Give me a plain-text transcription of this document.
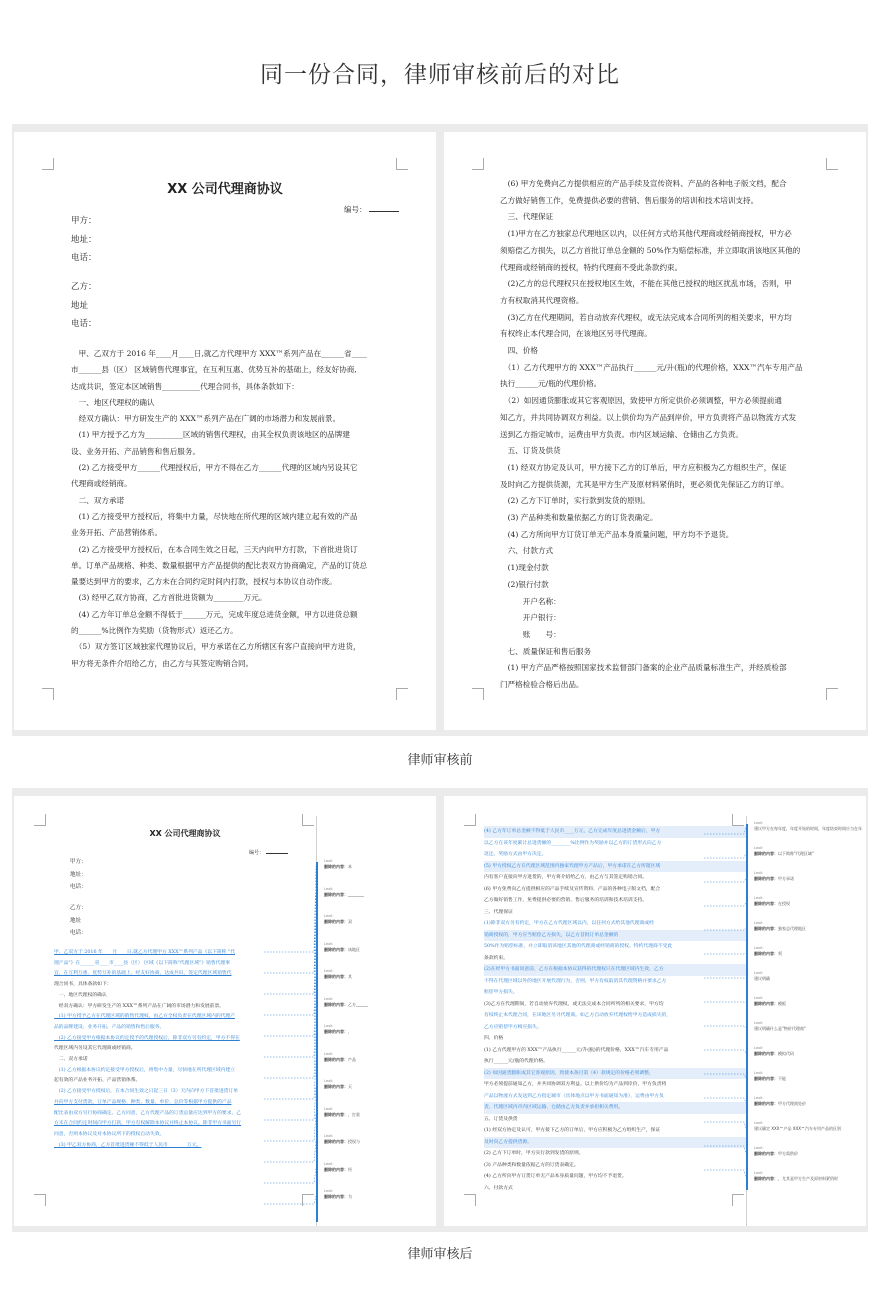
同一份合同，律师审核前后的对比
XX 公司代理商协议
编号：
甲方：
地址：
电话：
乙方：
地址
电话：
　甲、乙双方于 2016 年____月____日,就乙方代理甲方 XXX™系列产品在______省____
市______县（区） 区域销售代理事宜，在互利互惠、优势互补的基础上，经友好协商,
达成共识，签定本区域销售__________代理合同书，具体条款如下：
　一、地区代理权的确认
　经双方确认：甲方研发生产的 XXX™系列产品在广阔的市场潜力和发展前景。
　(1) 甲方授予乙方为__________区域的销售代理权，由其全权负责该地区的品牌建
设、业务开拓、产品销售和售后服务。
　(2) 乙方接受甲方______代理授权后，甲方不得在乙方______代理的区域内另设其它
代理商或经销商。
　二、双方承诺
　(1) 乙方接受甲方授权后，将集中力量，尽快地在所代理的区域内建立起有效的产品
业务开拓、产品营销体系。
　(2) 乙方接受甲方授权后，在本合同生效之日起，三天内向甲方打款，下首批进货订
单。订单产品规格、种类、数量根据甲方产品提供的配比表双方协商确定，产品的订货总
量要达到甲方的要求，乙方未在合同约定时间内打款，授权与本协议自动作废。
　(3) 经甲乙双方协商，乙方首批进货额为________万元。
　(4) 乙方年订单总金额不得低于______万元，完成年度总进货金额，甲方以进货总额
的______%比例作为奖励（货物形式）返还乙方。
　（5）双方签订区域独家代理协议后，甲方承诺在乙方所辖区有客户直接向甲方进货，
甲方将无条件介绍给乙方，由乙方与其签定购销合同。
　(6) 甲方免费向乙方提供相应的产品手续及宣传资料、产品的各种电子版文档，配合
乙方做好销售工作，免费提供必要的营销、售后服务的培训和技术培训支持。
　三、代理保证
　(1)甲方在乙方独家总代理地区以内，以任何方式给其他代理商或经销商授权，甲方必
须赔偿乙方损失，以乙方首批订单总金额的 50%作为赔偿标准，并立即取消该地区其他的
代理商或经销商的授权，特约代理商不受此条款约束。
　(2)乙方的总代理权只在授权地区生效，不能在其他已授权的地区扰乱市场，否则，甲
方有权取消其代理资格。
　(3)乙方在代理期间，若自动放弃代理权，或无法完成本合同所列的相关要求，甲方均
有权终止本代理合同，在该地区另寻代理商。
　四、价格
　（1）乙方代理甲方的 XXX™产品执行______元/升(瓶)的代理价格，XXX™汽车专用产品
执行______元/瓶的代理价格。
　（2）如因通货膨胀或其它客观原因，致使甲方所定供价必须调整，甲方必须提前通
知乙方，并共同协调双方利益。以上供价均为产品到岸价，甲方负责将产品以物流方式发
送到乙方指定城市，运费由甲方负责。市内区域运输、仓储由乙方负责。
　五、订货及供货
　(1) 经双方协定及认可，甲方接下乙方的订单后，甲方应积极为乙方组织生产，保证
及时向乙方提供货源，尤其是甲方生产及原材料紧俏时，更必须优先保证乙方的订单。
　(2) 乙方下订单时，实行款到发货的原则。
　(3) 产品种类和数量依据乙方的订货表确定。
　(4) 乙方所向甲方订货订单无产品本身质量问题，甲方均不予退货。
　六、付款方式
　(1)现金付款
　(2)银行付款
　　　开户名称：
　　　开户银行：
　　　账　　号：
　七、质量保证和售后服务
　(1) 甲方产品严格按照国家技术监督部门备案的企业产品质量标准生产，并经质检部
门严格检验合格后出品。
律师审核前
XX 公司代理商协议
编号：
甲方：
地址：
电话：
乙方：
地址
电话：
甲、乙双方于 2016 年____月____日,就乙方代理甲方 XXX™系列产品《以下简称 "代
理产品"》在______省____市____县（区） 区域《以下简称"代理区域"》销售代理事
宜，在互利互惠、优势互补的基础上，经友好协商，达成共识，签定代理区域销售代
理合同书，具体条款如下：
　一、地区代理权的确认
　经双方确认：甲方研发生产的 XXX™系列产品在广阔的市场潜力和发展前景。
　(1) 甲方授予乙方在代理区域的销售代理权，由乙方全权负责在代理区域内的代理产
品的品牌建设、业务开拓、产品的销售和售后服务。
　(2) 乙方接受甲方根据本协议约定授予的代理授权后，除非双方另有约定，甲方不得在
代理区域内另设其它代理商或经销商。
　二、双方承诺
　(1) 乙方根据本协议约定接受甲方授权后，将集中力量，尽快地在所代理区域内建立
起有效的产品业务开拓、产品营销体系。
　(2) 乙方接受甲方授权后，在本合同生效之日起三日（3）天内向甲方下首批进货订单
并向甲方支付货款，订单产品规格、种类、数量、单价、总价等根据甲方提供的产品
配比表由双方另行协商确定。乙方同意，乙方代理产品的订货总量应达到甲方的要求，乙
方未在合同约定时间向甲方打款，甲方有权解除本协议并终止本协议。除非甲方书面另行
同意，否则本协议及对本协议所下的授权自动失效。
　(3) 甲乙双方协商，乙方首批进货额不得低于人民币________万元。
Lexit
删除的内容：本
Lexit
删除的内容：________
Lexit
删除的内容：双
Lexit
删除的内容：该地区
Lexit
删除的内容：其
Lexit
删除的内容：乙方______
Lexit
删除的内容：，
Lexit
删除的内容：产品
Lexit
删除的内容：天
Lexit
删除的内容：，打款
Lexit
删除的内容：授权与
Lexit
删除的内容：经
Lexit
删除的内容：为
(4) 乙方年订单总金额不得低于人民币____万元，乙方完成年度总进货金额后，甲方
以乙方在该年度累计总进货额的________%比例作为奖励并以乙方的订货形式向乙方
返还。奖励方式由甲方决定。
(5) 甲方授权乙方在代理区域范围内独家代理甲方产品后，甲方承诺在乙方所辖区域
内有客户直接向甲方进货的，甲方将介绍给乙方，由乙方与其签定购销合同。
(6) 甲方免费向乙方提供相应的产品手续及宣传资料、产品的各种电子版文档，配合
乙方做好销售工作，免费提供必要的营销、售后服务的培训和技术培训支持。
三、代理保证
(1)除非双方另有约定，甲方在乙方代理区域以内，以任何方式给其他代理商或经
销商授权的，甲方应当赔偿乙方损失，以乙方首批订单总金额的
50%作为赔偿标准，并立即取消该地区其他的代理商或经销商的授权。特约代理商不受此
条款约束。
(2)在经甲方书面同意前，乙方在根据本协议获得的代理权只在代理区域内生效，乙方
不得在代理区域以外的地区开展代理行为，否则，甲方有权取消其代理资格并要求乙方
赔偿甲方损失。
(3)乙方在代理期间，若自动放弃代理权，或无法完成本合同所列的相关要求，甲方均
有权终止本代理合同，在该地区另寻代理商。如乙方自动放弃代理权给甲方造成损失的，
乙方应赔偿甲方相应损失。
四、价格
(1) 乙方代理甲方的 XXX™产品执行______元/升(瓶)的代理价格，XXX™汽车专用产品
执行______元/瓶的代理价格。
(2) 如因通货膨胀或其它客观原因，致使本条目第（4）款规定的价格必须调整，
甲方必须提前通知乙方，并共同协调双方利益。以上供价均为产品到岸价，甲方负责将
产品以物流方式发送到乙方指定城市（具体地点以甲方书面通知为准），运费由甲方负
责。代理区域内市内区域运输、仓储由乙方负责并承担相关费用。
五、订货及供货
(1) 经双方协定及认可，甲方接下乙方的订单后，甲方应积极为乙方组织生产，保证
及时向乙方提供货源。
(2) 乙方下订单时，甲方实行款到发货的原则。
(3) 产品种类和数量依据乙方的订货表确定。
(4) 乙方所向甲方订货订单无产品本身质量问题，甲方均不予退货。
六、付款方式
Lexit
建议甲方在每年度，年度开始的时间，年度结束时间应当在年
Lexit
删除的内容：以下简称"代理区域"
Lexit
删除的内容：甲方承诺
Lexit
删除的内容：在授权
Lexit
删除的内容：独家总代理地区
Lexit
删除的内容：须
Lexit
建议明确
Lexit
删除的内容：模板
Lexit
建议明确什么是"物价代理商"
Lexit
删除的内容：模拟代码
Lexit
删除的内容：不能
Lexit
删除的内容：甲方代理商处价
Lexit
建议确定 XXX™产品 XXX™汽车专用产品的区别
Lexit
删除的内容：甲方需供价
Lexit
删除的内容：，尤其是甲方生产及原材料紧俏时
律师审核后
